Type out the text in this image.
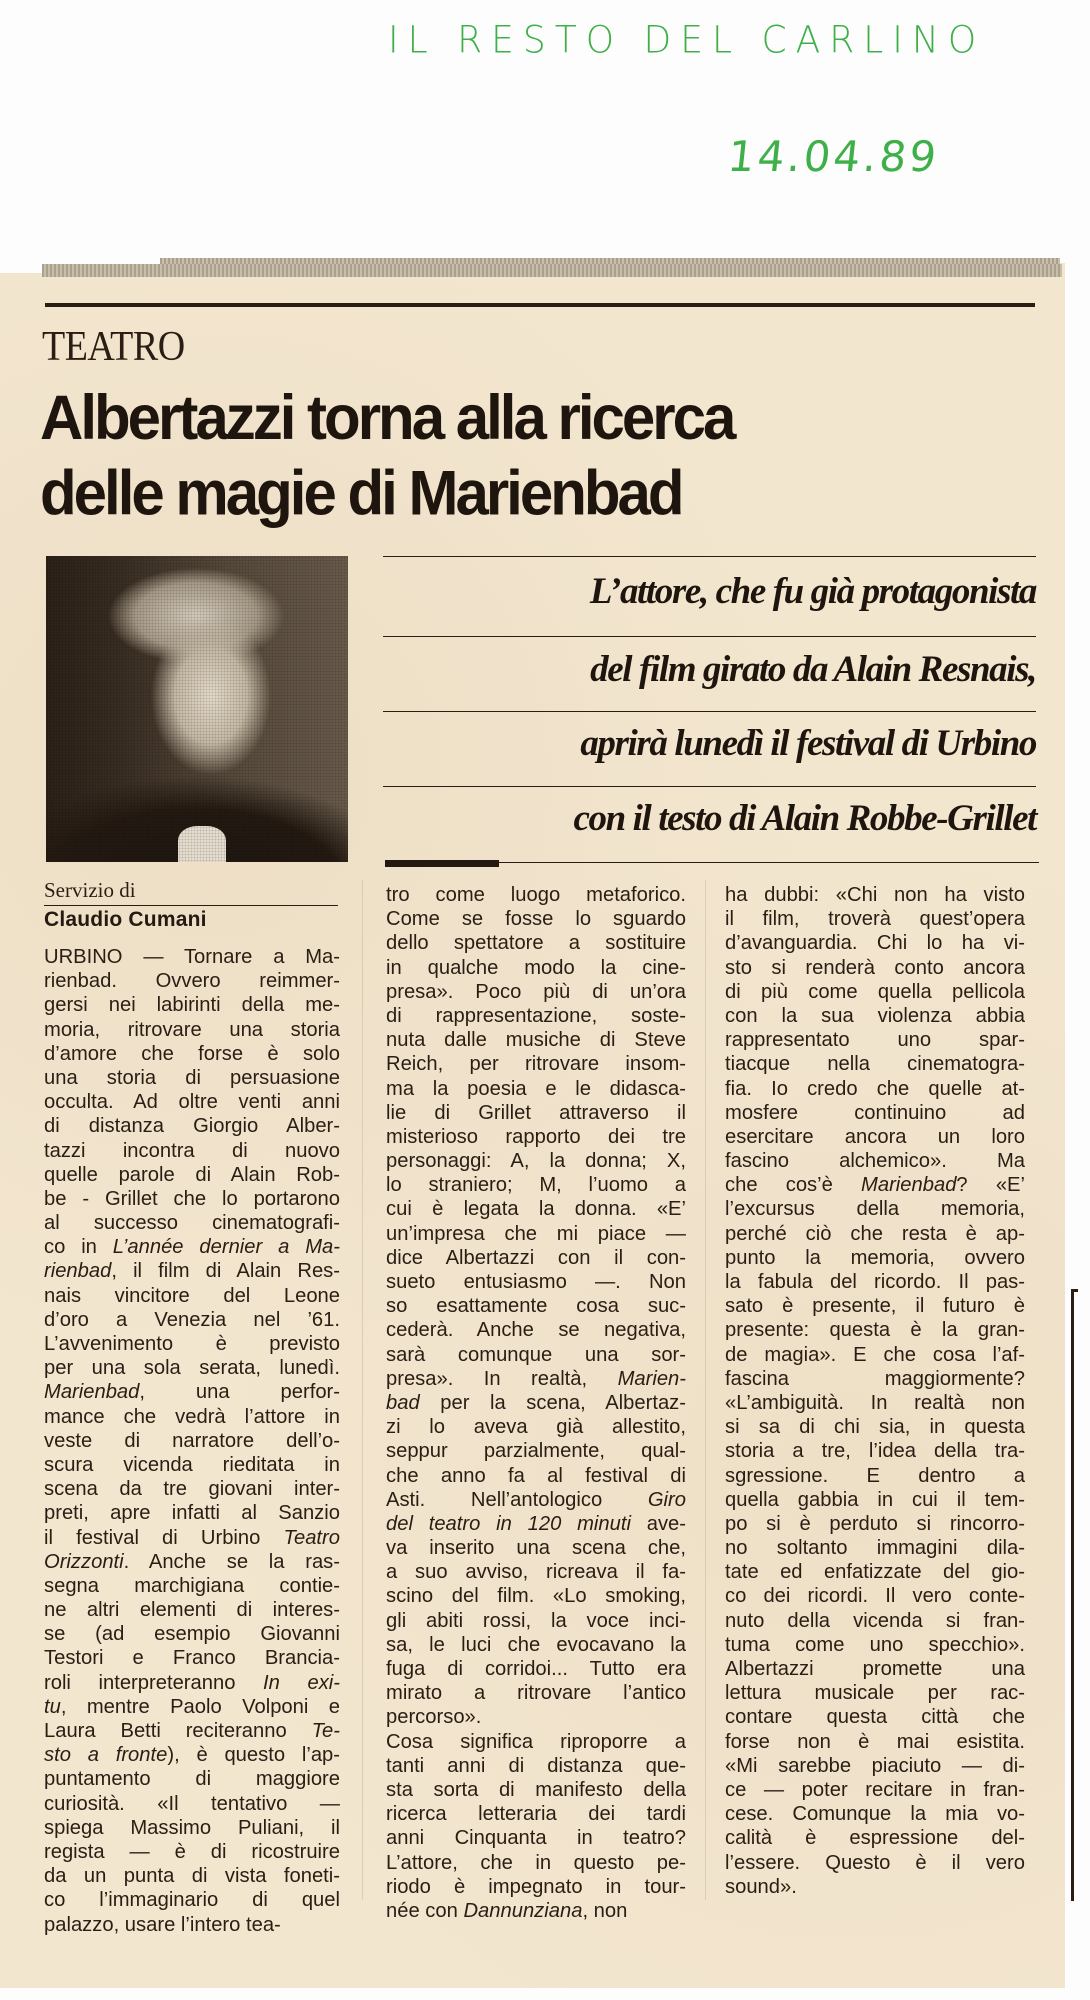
IL RESTO DEL CARLINO
14.04.89
TEATRO
Albertazzi torna alla ricerca
delle magie di Marienbad
L’attore, che fu già protagonista
del film girato da Alain Resnais,
aprirà lunedì il festival di Urbino
con il testo di Alain Robbe-Grillet
Servizio di
Claudio Cumani
URBINO — Tornare a Ma-
rienbad. Ovvero reimmer-
gersi nei labirinti della me-
moria, ritrovare una storia
d’amore che forse è solo
una storia di persuasione
occulta. Ad oltre venti anni
di distanza Giorgio Alber-
tazzi incontra di nuovo
quelle parole di Alain Rob-
be - Grillet che lo portarono
al successo cinematografi-
co in L’année dernier a Ma-
rienbad, il film di Alain Res-
nais vincitore del Leone
d’oro a Venezia nel ’61.
L’avvenimento è previsto
per una sola serata, lunedì.
Marienbad, una perfor-
mance che vedrà l’attore in
veste di narratore dell’o-
scura vicenda rieditata in
scena da tre giovani inter-
preti, apre infatti al Sanzio
il festival di Urbino Teatro
Orizzonti. Anche se la ras-
segna marchigiana contie-
ne altri elementi di interes-
se (ad esempio Giovanni
Testori e Franco Brancia-
roli interpreteranno In exi-
tu, mentre Paolo Volponi e
Laura Betti reciteranno Te-
sto a fronte), è questo l’ap-
puntamento di maggiore
curiosità. «Il tentativo —
spiega Massimo Puliani, il
regista — è di ricostruire
da un punta di vista foneti-
co l’immaginario di quel
palazzo, usare l’intero tea-
tro come luogo metaforico.
Come se fosse lo sguardo
dello spettatore a sostituire
in qualche modo la cine-
presa». Poco più di un’ora
di rappresentazione, soste-
nuta dalle musiche di Steve
Reich, per ritrovare insom-
ma la poesia e le didasca-
lie di Grillet attraverso il
misterioso rapporto dei tre
personaggi: A, la donna; X,
lo straniero; M, l’uomo a
cui è legata la donna. «E’
un’impresa che mi piace —
dice Albertazzi con il con-
sueto entusiasmo —. Non
so esattamente cosa suc-
cederà. Anche se negativa,
sarà comunque una sor-
presa». In realtà, Marien-
bad per la scena, Albertaz-
zi lo aveva già allestito,
seppur parzialmente, qual-
che anno fa al festival di
Asti. Nell’antologico Giro
del teatro in 120 minuti ave-
va inserito una scena che,
a suo avviso, ricreava il fa-
scino del film. «Lo smoking,
gli abiti rossi, la voce inci-
sa, le luci che evocavano la
fuga di corridoi... Tutto era
mirato a ritrovare l’antico
percorso».
Cosa significa riproporre a
tanti anni di distanza que-
sta sorta di manifesto della
ricerca letteraria dei tardi
anni Cinquanta in teatro?
L’attore, che in questo pe-
riodo è impegnato in tour-
née con Dannunziana, non
ha dubbi: «Chi non ha visto
il film, troverà quest’opera
d’avanguardia. Chi lo ha vi-
sto si renderà conto ancora
di più come quella pellicola
con la sua violenza abbia
rappresentato uno spar-
tiacque nella cinematogra-
fia. Io credo che quelle at-
mosfere continuino ad
esercitare ancora un loro
fascino alchemico». Ma
che cos’è Marienbad? «E’
l’excursus della memoria,
perché ciò che resta è ap-
punto la memoria, ovvero
la fabula del ricordo. Il pas-
sato è presente, il futuro è
presente: questa è la gran-
de magia». E che cosa l’af-
fascina maggiormente?
«L’ambiguità. In realtà non
si sa di chi sia, in questa
storia a tre, l’idea della tra-
sgressione. E dentro a
quella gabbia in cui il tem-
po si è perduto si rincorro-
no soltanto immagini dila-
tate ed enfatizzate del gio-
co dei ricordi. Il vero conte-
nuto della vicenda si fran-
tuma come uno specchio».
Albertazzi promette una
lettura musicale per rac-
contare questa città che
forse non è mai esistita.
«Mi sarebbe piaciuto — di-
ce — poter recitare in fran-
cese. Comunque la mia vo-
calità è espressione del-
l’essere. Questo è il vero
sound».
